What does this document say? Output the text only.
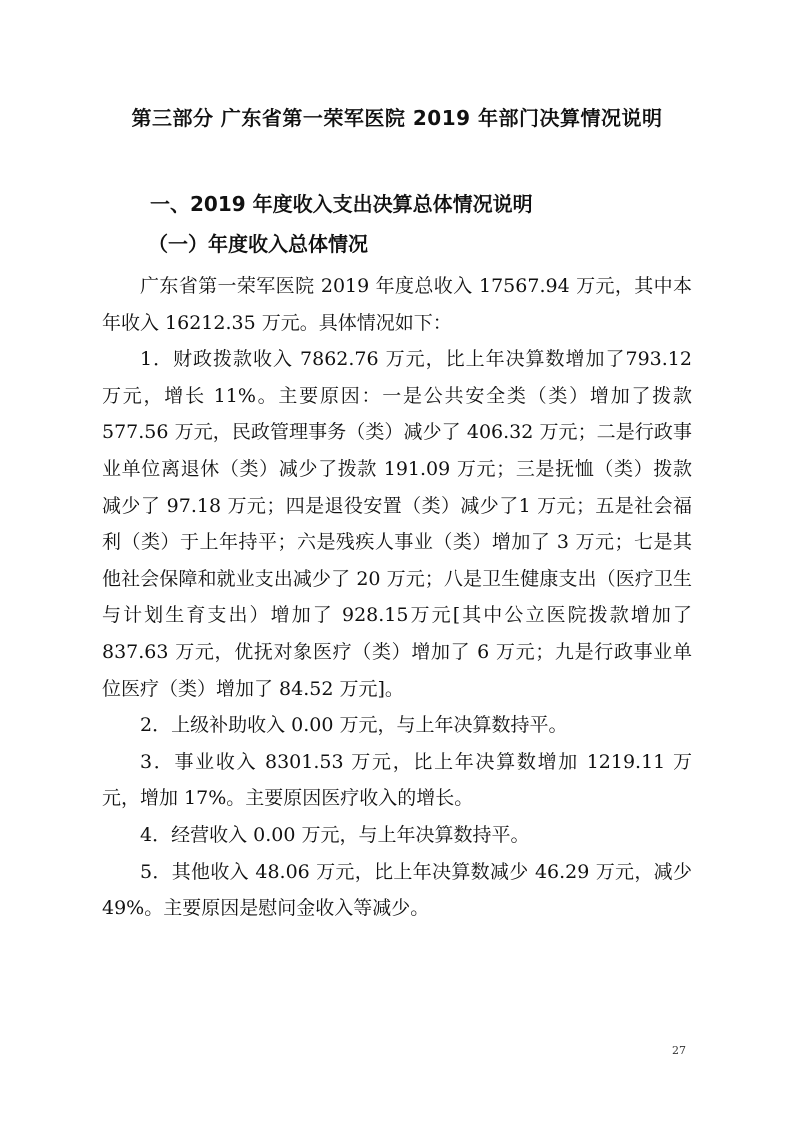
第三部分 广东省第一荣军医院 2019 年部门决算情况说明
一、2019 年度收入支出决算总体情况说明
（一）年度收入总体情况

广东省第一荣军医院 2019 年度总收入 17567.94 万元，其中本年收入 16212.35 万元。具体情况如下：

1．财政拨款收入 7862.76 万元，比上年决算数增加了793.12 万元，增长 11%。主要原因：一是公共安全类（类）增加了拨款 577.56 万元，民政管理事务（类）减少了 406.32 万元；二是行政事业单位离退休（类）减少了拨款 191.09 万元；三是抚恤（类）拨款减少了 97.18 万元；四是退役安置（类）减少了1 万元；五是社会福利（类）于上年持平；六是残疾人事业（类）增加了 3 万元；七是其他社会保障和就业支出减少了 20 万元；八是卫生健康支出（医疗卫生与计划生育支出）增加了 928.15万元[其中公立医院拨款增加了 837.63 万元，优抚对象医疗（类）增加了 6 万元；九是行政事业单位医疗（类）增加了 84.52 万元]。

2．上级补助收入 0.00 万元，与上年决算数持平。

3．事业收入 8301.53 万元，比上年决算数增加 1219.11 万元，增加 17%。主要原因医疗收入的增长。

4．经营收入 0.00 万元，与上年决算数持平。

5．其他收入 48.06 万元，比上年决算数减少 46.29 万元，减少 49%。主要原因是慰问金收入等减少。

27
